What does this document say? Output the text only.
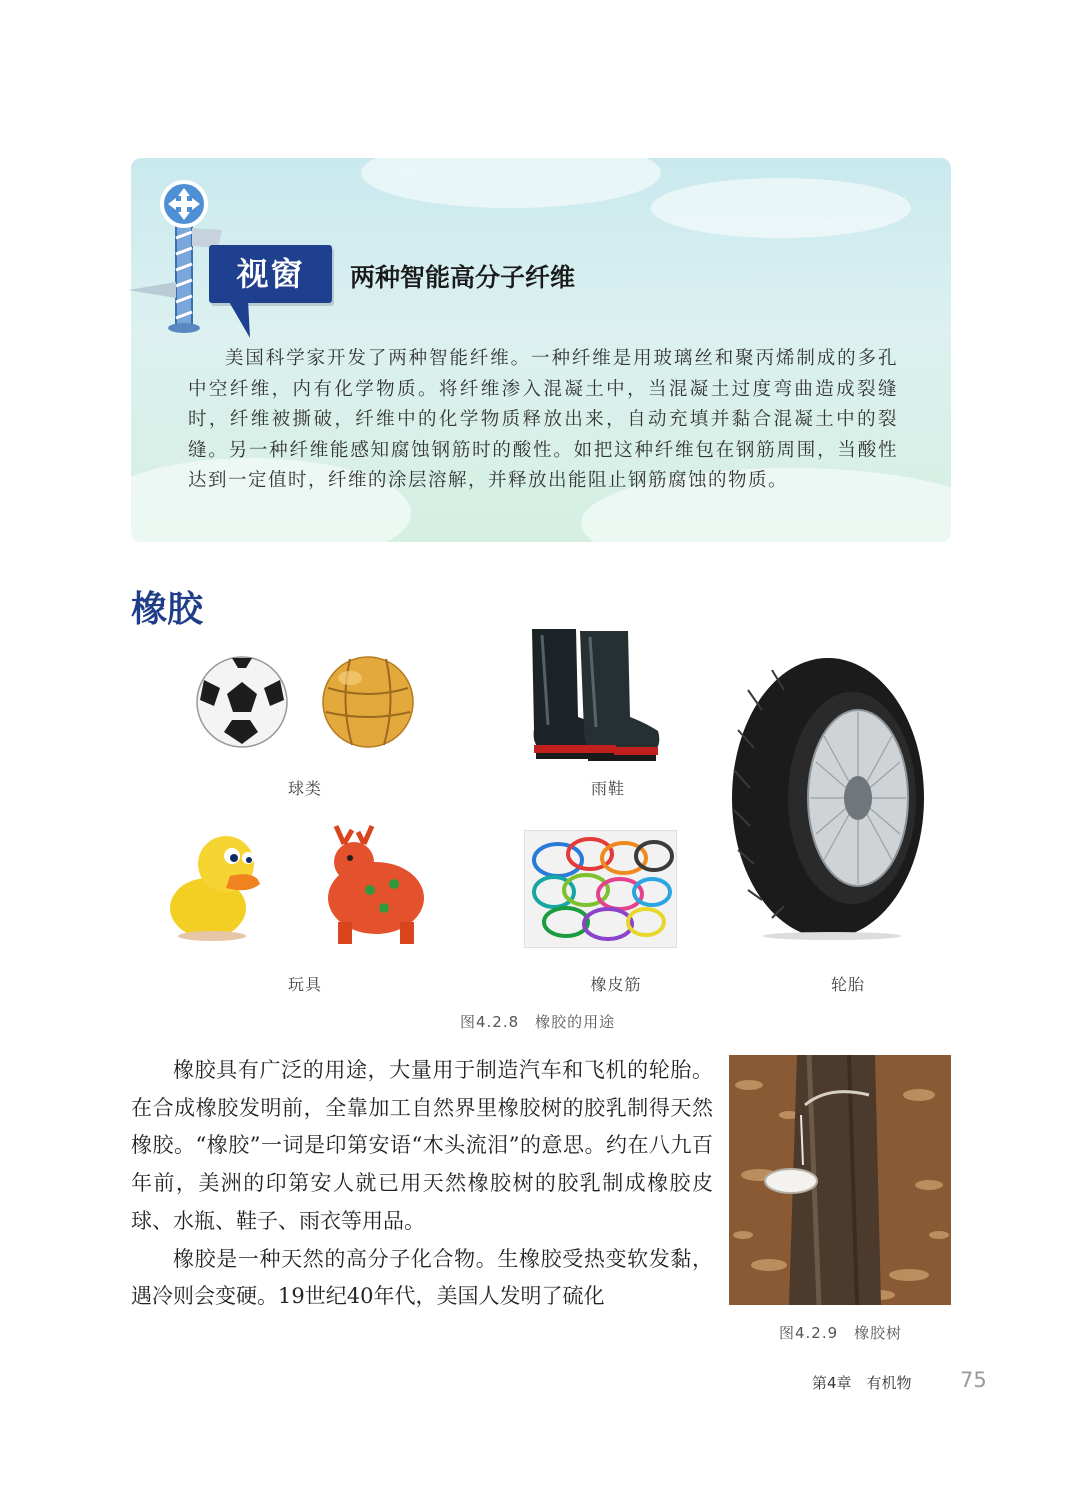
﹀
﹀
﹀
视窗	两种智能高分子纤维
美国科学家开发了两种智能纤维。一种纤维是用玻璃丝和聚丙烯制成的多孔中空纤维，内有化学物质。将纤维渗入混凝土中，当混凝土过度弯曲造成裂缝时，纤维被撕破，纤维中的化学物质释放出来，自动充填并黏合混凝土中的裂缝。另一种纤维能感知腐蚀钢筋时的酸性。如把这种纤维包在钢筋周围，当酸性达到一定值时，纤维的涂层溶解，并释放出能阻止钢筋腐蚀的物质。
橡胶
球类	雨鞋
轮胎
玩具	橡皮筋
图4.2.8　橡胶的用途
图4.2.9　橡胶树

橡胶具有广泛的用途，大量用于制造汽车和飞机的轮胎。在合成橡胶发明前，全靠加工自然界里橡胶树的胶乳制得天然橡胶。“橡胶”一词是印第安语“木头流泪”的意思。约在八九百年前，美洲的印第安人就已用天然橡胶树的胶乳制成橡胶皮球、水瓶、鞋子、雨衣等用品。

橡胶是一种天然的高分子化合物。生橡胶受热变软发黏，遇冷则会变硬。19世纪40年代，美国人发明了硫化

第4章　有机物 75
